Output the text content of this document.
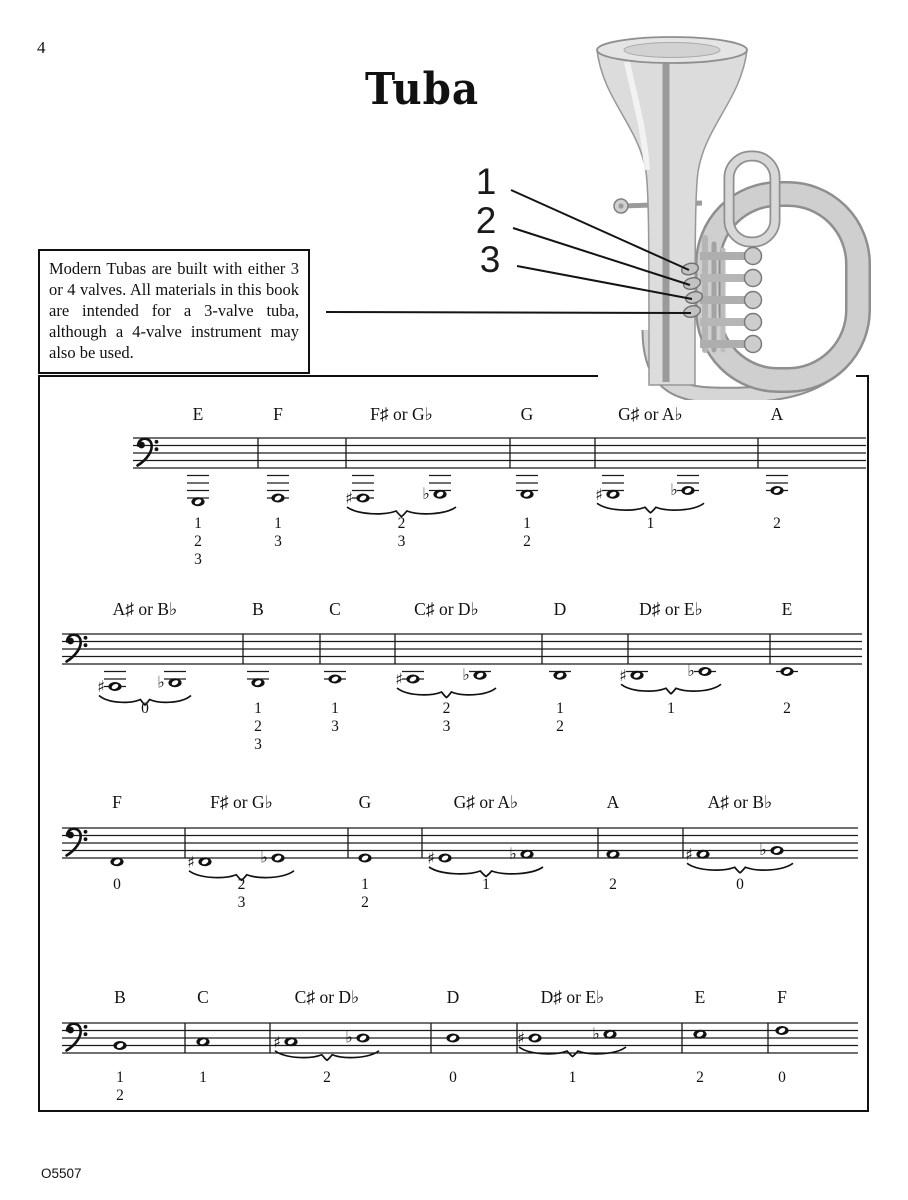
4
Tuba
Modern Tubas are built with either 3 or 4 valves. All materials in this book are intended for a 3-valve tuba, although a 4-valve instrument may also be used.
1
2
3
E
1
2
3
F
1
3
F♯ or G♭
♯	♭
2
3
G
1
2
G♯ or A♭
♯	♭
1
A
2
A♯ or B♭
♯	♭
0
B
1
2
3
C
1
3
C♯ or D♭
♯	♭
2
3
D
1
2
D♯ or E♭
♯	♭
1
E
2
F
0
F♯ or G♭
♯	♭
2
3
G
1
2
G♯ or A♭
♯	♭
1
A
2
A♯ or B♭
♯	♭
0
B
1
2
C
1
C♯ or D♭
♯	♭
2
D
0
D♯ or E♭
♯	♭
1
E
2
F
0
O5507
